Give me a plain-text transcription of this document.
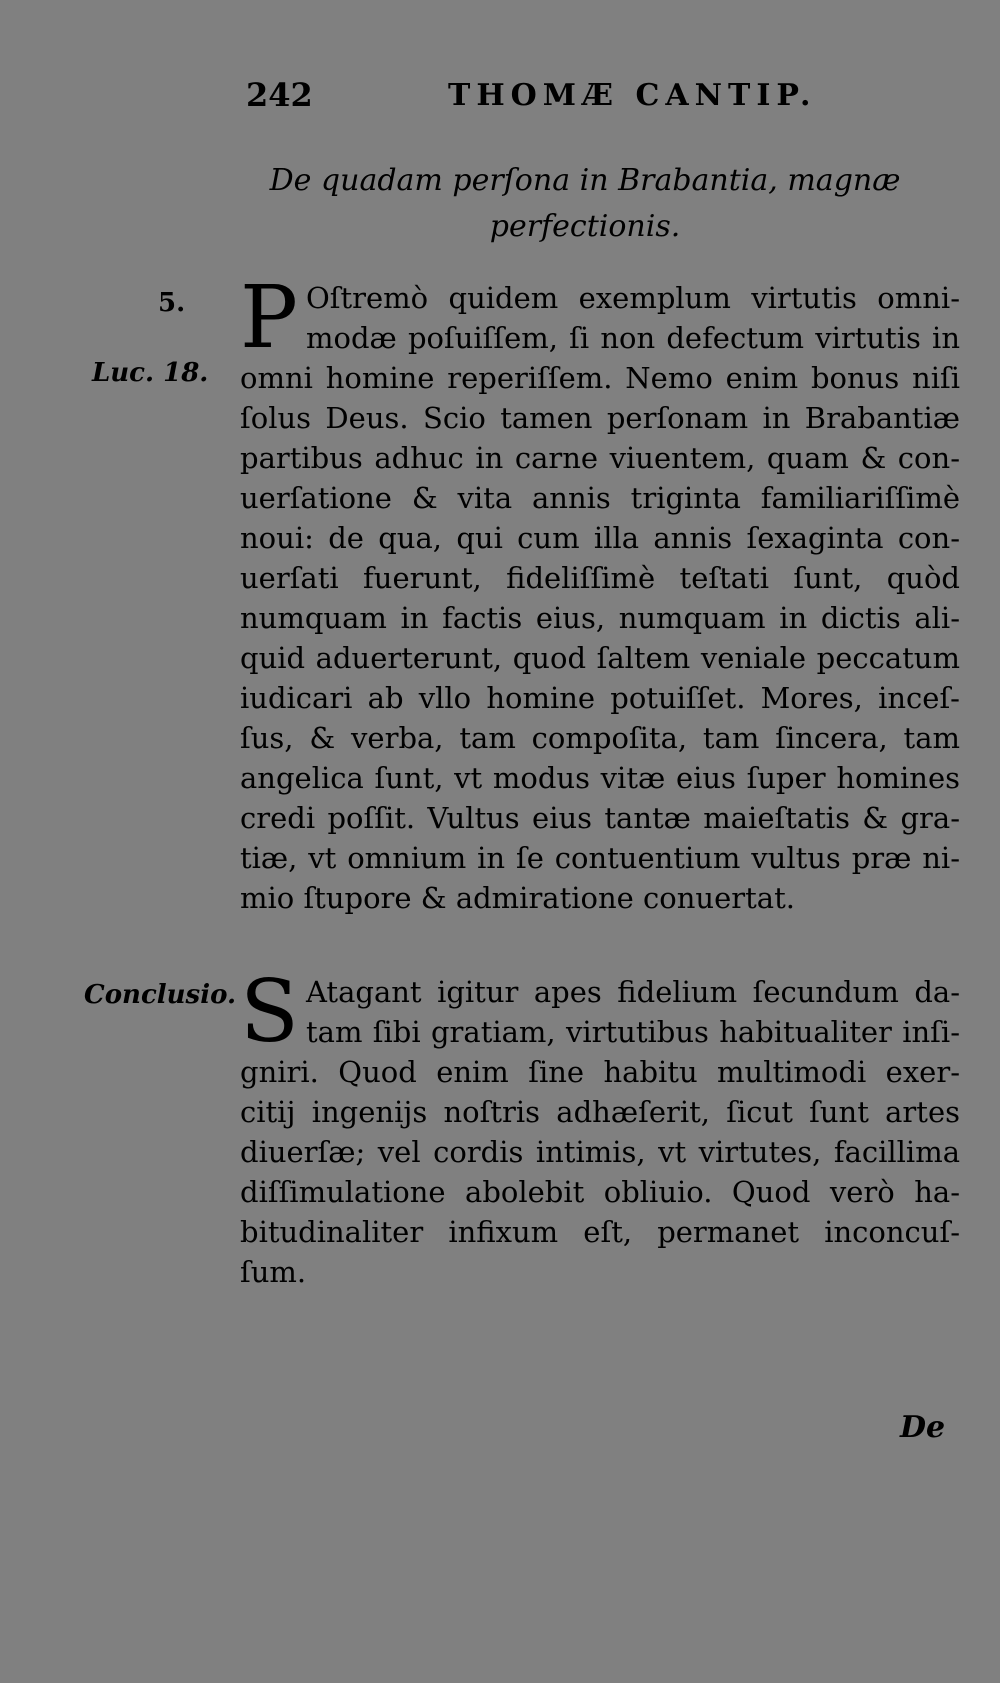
242	THOMÆ CANTIP.
De quadam perſona in Brabantia, magnæ
perfectionis.
5.
Luc. 18.
Conclusio.
P Oſtremò quidem exemplum virtutis omni-
modæ poſuiſſem, ſi non defectum virtutis in
omni homine reperiſſem. Nemo enim bonus niſi
ſolus Deus. Scio tamen perſonam in Brabantiæ
partibus adhuc in carne viuentem, quam & con-
uerſatione & vita annis triginta familiariſſimè
noui: de qua, qui cum illa annis ſexaginta con-
uerſati fuerunt, fideliſſimè teſtati ſunt, quòd
numquam in factis eius, numquam in dictis ali-
quid aduerterunt, quod ſaltem veniale peccatum
iudicari ab vllo homine potuiſſet. Mores, inceſ-
ſus, & verba, tam compoſita, tam ſincera, tam
angelica ſunt, vt modus vitæ eius ſuper homines
credi poſſit. Vultus eius tantæ maieſtatis & gra-
tiæ, vt omnium in ſe contuentium vultus præ ni-
mio ſtupore & admiratione conuertat.
S Atagant igitur apes fidelium ſecundum da-
tam ſibi gratiam, virtutibus habitualiter inſi-
gniri. Quod enim ſine habitu multimodi exer-
citij ingenijs noſtris adhæſerit, ſicut ſunt artes
diuerſæ; vel cordis intimis, vt virtutes, facillima
diſſimulatione abolebit obliuio. Quod verò ha-
bitudinaliter infixum eſt, permanet inconcuſ-
ſum.
De
